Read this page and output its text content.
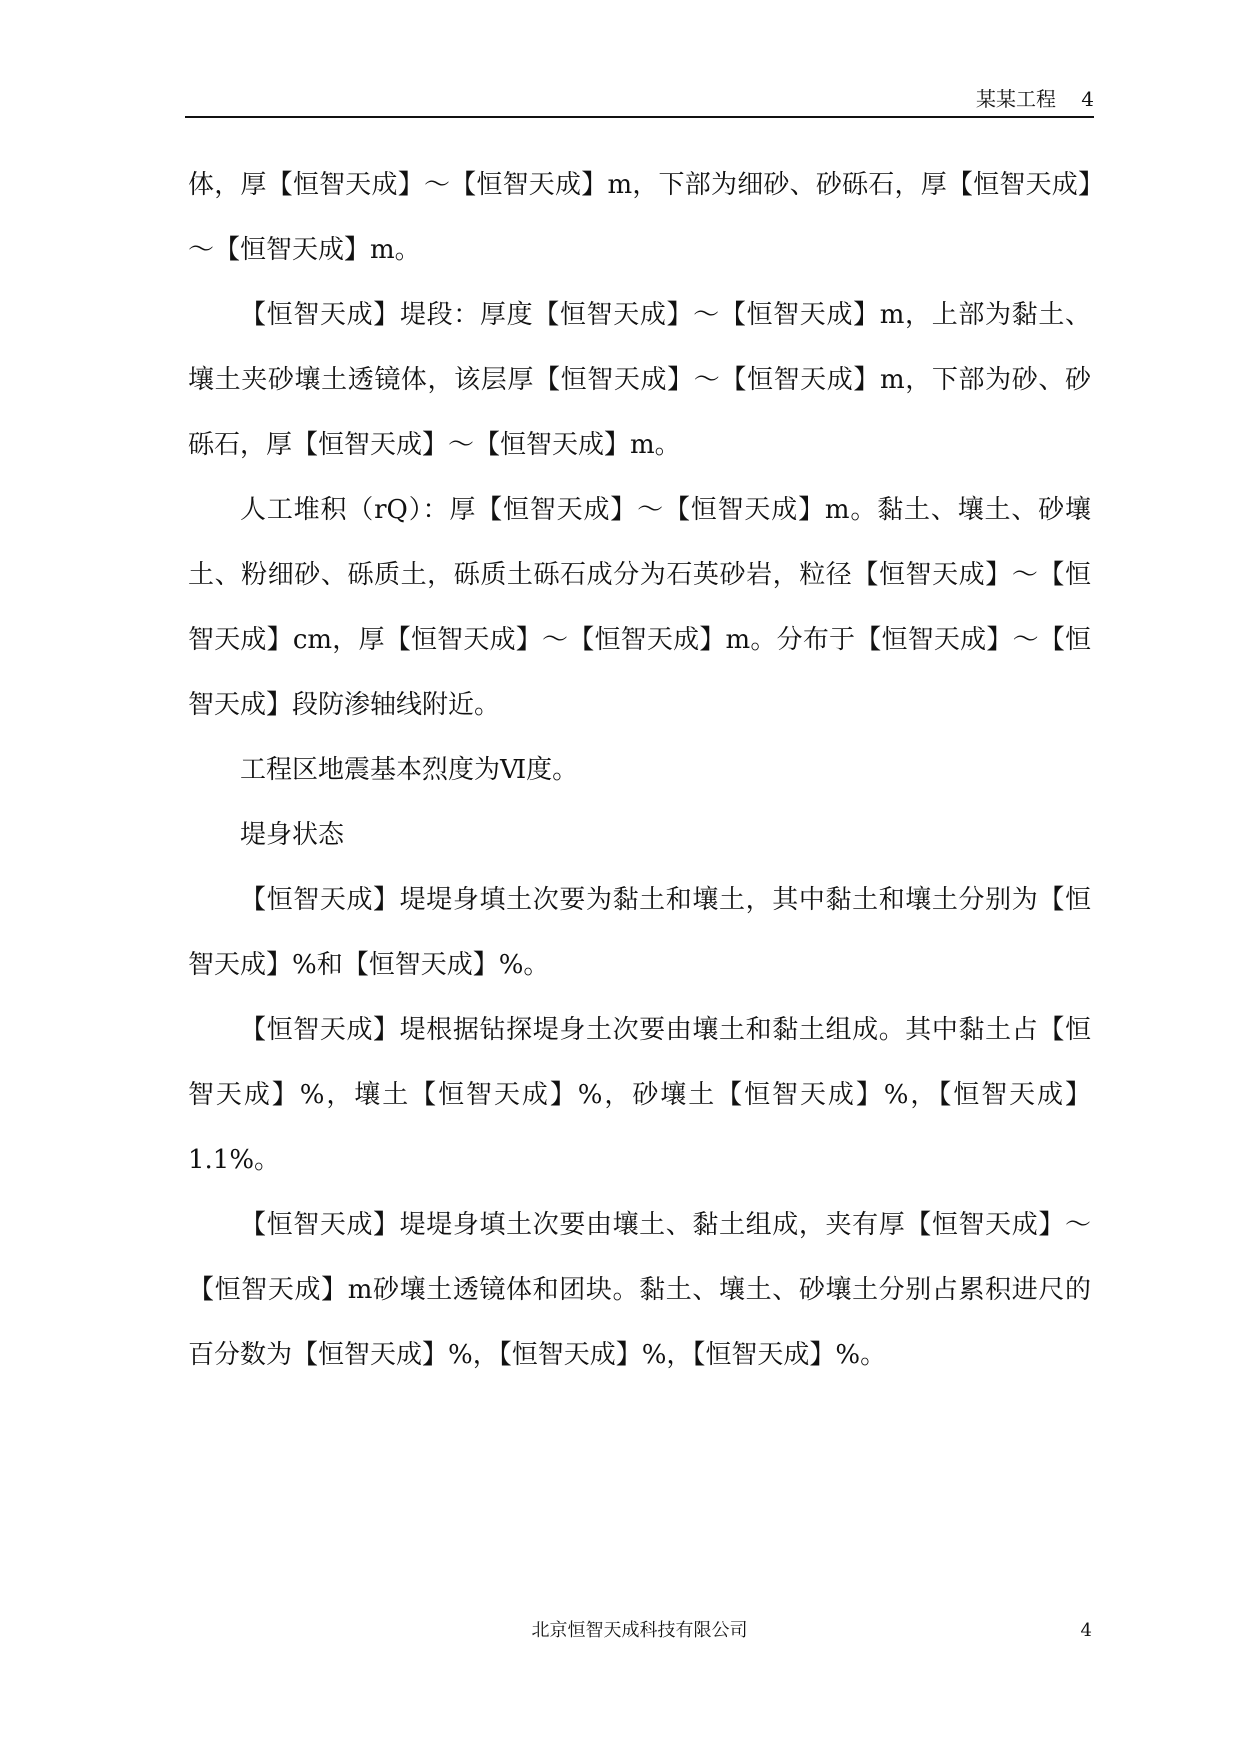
某某工程 4

体，厚【恒智天成】～【恒智天成】m，下部为细砂、砂砾石，厚【恒智天成】～【恒智天成】m。

【恒智天成】堤段：厚度【恒智天成】～【恒智天成】m，上部为黏土、壤土夹砂壤土透镜体，该层厚【恒智天成】～【恒智天成】m，下部为砂、砂砾石，厚【恒智天成】～【恒智天成】m。

人工堆积（rQ）：厚【恒智天成】～【恒智天成】m。黏土、壤土、砂壤土、粉细砂、砾质土，砾质土砾石成分为石英砂岩，粒径【恒智天成】～【恒智天成】cm，厚【恒智天成】～【恒智天成】m。分布于【恒智天成】～【恒智天成】段防渗轴线附近。

工程区地震基本烈度为Ⅵ度。

堤身状态

【恒智天成】堤堤身填土次要为黏土和壤土，其中黏土和壤土分别为【恒智天成】%和【恒智天成】%。

【恒智天成】堤根据钻探堤身土次要由壤土和黏土组成。其中黏土占【恒智天成】%，壤土【恒智天成】%，砂壤土【恒智天成】%，【恒智天成】1.1%。

【恒智天成】堤堤身填土次要由壤土、黏土组成，夹有厚【恒智天成】～【恒智天成】m砂壤土透镜体和团块。黏土、壤土、砂壤土分别占累积进尺的百分数为【恒智天成】%，【恒智天成】%，【恒智天成】%。

北京恒智天成科技有限公司	4
